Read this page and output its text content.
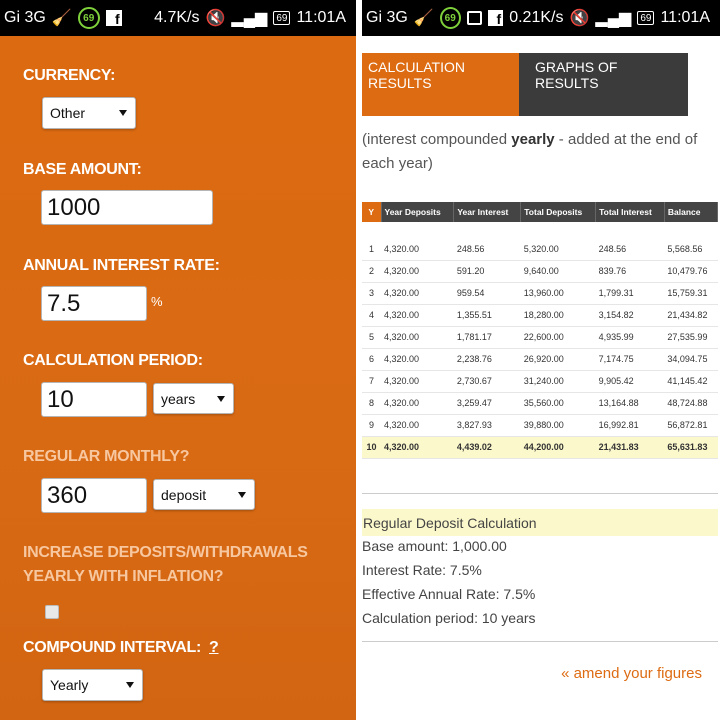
Gi 3G 🧹	69	f 4.7K/s 🔇 ▂▄▆ 69 11:01A
CURRENCY:
Other
BASE AMOUNT:
1000
ANNUAL INTEREST RATE:
7.5	%
CALCULATION PERIOD:
10	years
REGULAR MONTHLY?
360	deposit
INCREASE DEPOSITS/WITHDRAWALS
YEARLY WITH INFLATION?
COMPOUND INTERVAL: ?
Yearly
Gi 3G 🧹	69	f 0.21K/s 🔇 ▂▄▆ 69 11:01A
CALCULATION RESULTS
GRAPHS OF RESULTS
(interest compounded yearly - added at the end of each year)
Y	Year Deposits	Year Interest	Total Deposits	Total Interest	Balance

1	4,320.00	248.56	5,320.00	248.56	5,568.56
2	4,320.00	591.20	9,640.00	839.76	10,479.76
3	4,320.00	959.54	13,960.00	1,799.31	15,759.31
4	4,320.00	1,355.51	18,280.00	3,154.82	21,434.82
5	4,320.00	1,781.17	22,600.00	4,935.99	27,535.99
6	4,320.00	2,238.76	26,920.00	7,174.75	34,094.75
7	4,320.00	2,730.67	31,240.00	9,905.42	41,145.42
8	4,320.00	3,259.47	35,560.00	13,164.88	48,724.88
9	4,320.00	3,827.93	39,880.00	16,992.81	56,872.81
10	4,320.00	4,439.02	44,200.00	21,431.83	65,631.83
Regular Deposit Calculation
Base amount: 1,000.00
Interest Rate: 7.5%
Effective Annual Rate: 7.5%
Calculation period: 10 years
« amend your figures
